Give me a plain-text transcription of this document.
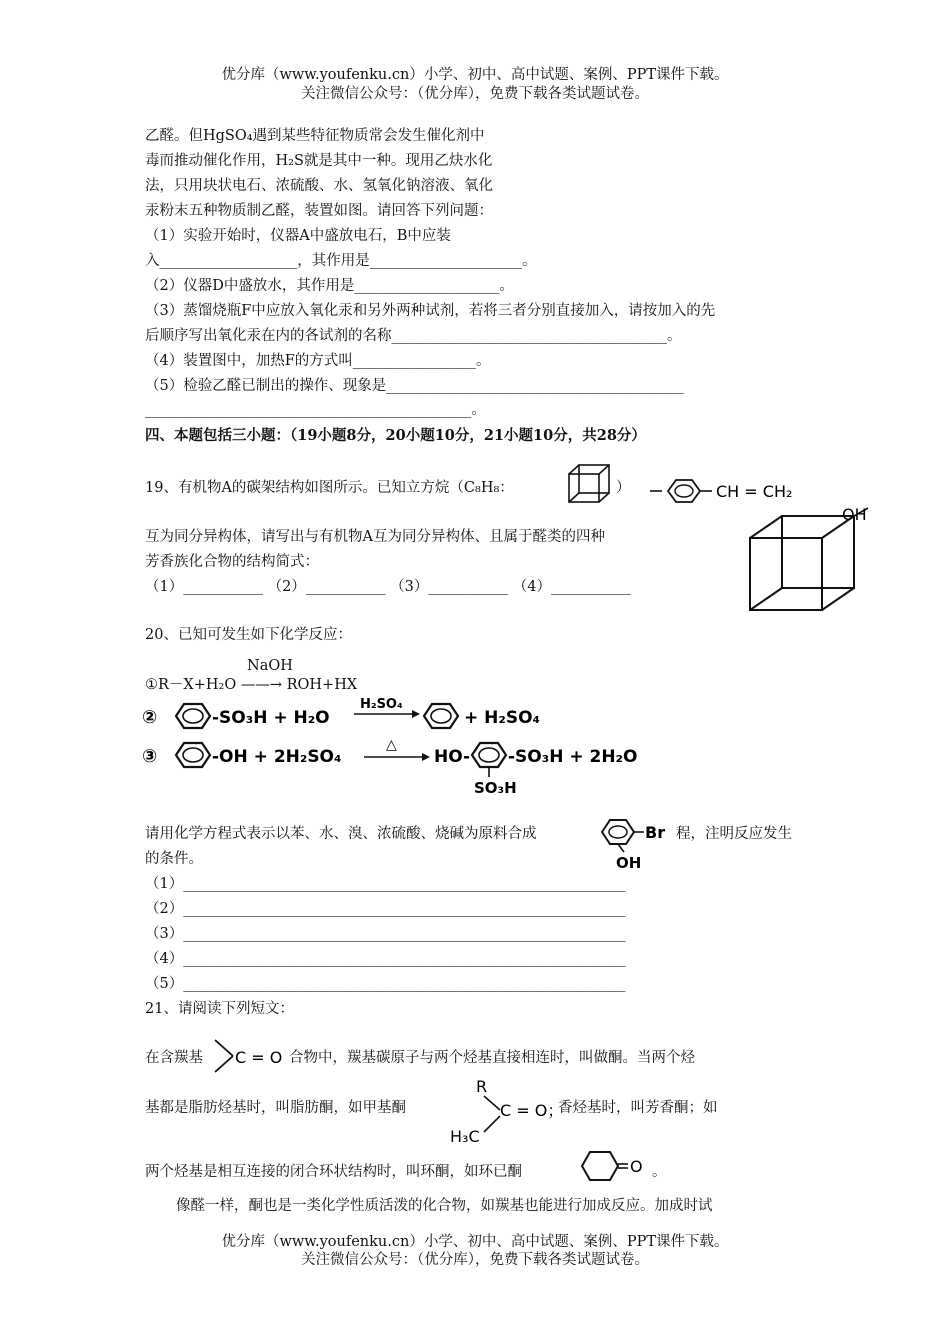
优分库（www.youfenku.cn）小学、初中、高中试题、案例、PPT课件下载。
关注微信公众号：（优分库），免费下载各类试题试卷。
乙醛。但HgSO₄遇到某些特征物质常会发生催化剂中
毒而推动催化作用，H₂S就是其中一种。现用乙炔水化
法，只用块状电石、浓硫酸、水、氢氧化钠溶液、氧化
汞粉末五种物质制乙醛，装置如图。请回答下列问题：
（1）实验开始时，仪器A中盛放电石，B中应装
入___________________，其作用是_____________________。
（2）仪器D中盛放水，其作用是____________________。
（3）蒸馏烧瓶F中应放入氧化汞和另外两种试剂，若将三者分别直接加入，请按加入的先
后顺序写出氧化汞在内的各试剂的名称______________________________________。
（4）装置图中，加热F的方式叫_________________。
（5）检验乙醛已制出的操作、现象是_________________________________________
_____________________________________________。
四、本题包括三小题：（19小题8分，20小题10分，21小题10分，共28分）
19、有机物A的碳架结构如图所示。已知立方烷（C₈H₈：	）	CH = CH₂
互为同分异构体，请写出与有机物A互为同分异构体、且属于醛类的四种
芳香族化合物的结构简式：
（1）___________ （2）___________ （3）___________ （4）___________
OH
20、已知可发生如下化学反应：
NaOH
①R－X+H₂O ——→ ROH+HX
②	-SO₃H + H₂O
H₂SO₄
+ H₂SO₄
③	-OH + 2H₂SO₄
△
HO- -SO₃H + 2H₂O
SO₃H
请用化学方程式表示以苯、水、溴、浓硫酸、烧碱为原料合成	Br
OH
程，注明反应发生
的条件。
（1）_____________________________________________________________
（2）_____________________________________________________________
（3）_____________________________________________________________
（4）_____________________________________________________________
（5）_____________________________________________________________
21、请阅读下列短文：
在含羰基 C = O 合物中，羰基碳原子与两个烃基直接相连时，叫做酮。当两个烃
基都是脂肪烃基时，叫脂肪酮，如甲基酮
R
C = O；
H₃C
香烃基时，叫芳香酮；如
两个烃基是相互连接的闭合环状结构时，叫环酮，如环已酮	O 。
像醛一样，酮也是一类化学性质活泼的化合物，如羰基也能进行加成反应。加成时试
优分库（www.youfenku.cn）小学、初中、高中试题、案例、PPT课件下载。
关注微信公众号：（优分库），免费下载各类试题试卷。
